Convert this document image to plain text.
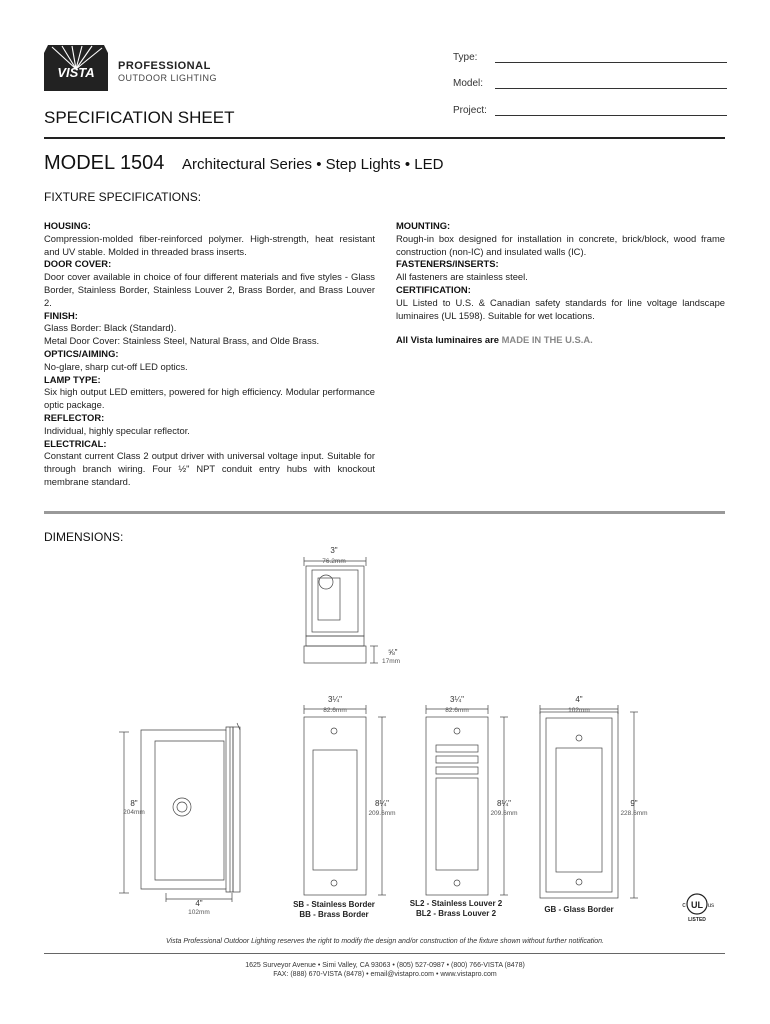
VISTA PROFESSIONAL
OUTDOOR LIGHTING
Type:
Model:
Project:
SPECIFICATION SHEET
MODEL 1504 Architectural Series • Step Lights • LED
FIXTURE SPECIFICATIONS:
HOUSING:
Compression-molded fiber-reinforced polymer. High-strength, heat resistant and UV stable. Molded in threaded brass inserts.
DOOR COVER:
Door cover available in choice of four different materials and five styles - Glass Border, Stainless Border, Stainless Louver 2, Brass Border, and Brass Louver 2.
FINISH:
Glass Border: Black (Standard).
Metal Door Cover: Stainless Steel, Natural Brass, and Olde Brass.
OPTICS/AIMING:
No-glare, sharp cut-off LED optics.
LAMP TYPE:
Six high output LED emitters, powered for high efficiency. Modular performance optic package.
REFLECTOR:
Individual, highly specular reflector.
ELECTRICAL:
Constant current Class 2 output driver with universal voltage input. Suitable for through branch wiring. Four ½" NPT conduit entry hubs with knockout membrane standard.
MOUNTING:
Rough-in box designed for installation in concrete, brick/block, wood frame construction (non-IC) and insulated walls (IC).
FASTENERS/INSERTS:
All fasteners are stainless steel.
CERTIFICATION:
UL Listed to U.S. & Canadian safety standards for line voltage landscape luminaires (UL 1598). Suitable for wet locations.
All Vista luminaires are MADE IN THE U.S.A.
DIMENSIONS:
3"
76.2mm
⅝"
17mm
8"
204mm
4"
102mm
3¼"
82.6mm
8¼"
209.6mm
3¼"
82.6mm
8¼"
209.6mm
4"
102mm
9"
228.6mm
SB - Stainless Border
BB - Brass Border
SL2 - Stainless Louver 2
BL2 - Brass Louver 2	GB - Glass Border	UL
c	us
LISTED
Vista Professional Outdoor Lighting reserves the right to modify the design and/or construction of the fixture shown without further notification.
1625 Surveyor Avenue • Simi Valley, CA 93063 • (805) 527-0987 • (800) 766-VISTA (8478)
FAX: (888) 670-VISTA (8478) • email@vistapro.com • www.vistapro.com
